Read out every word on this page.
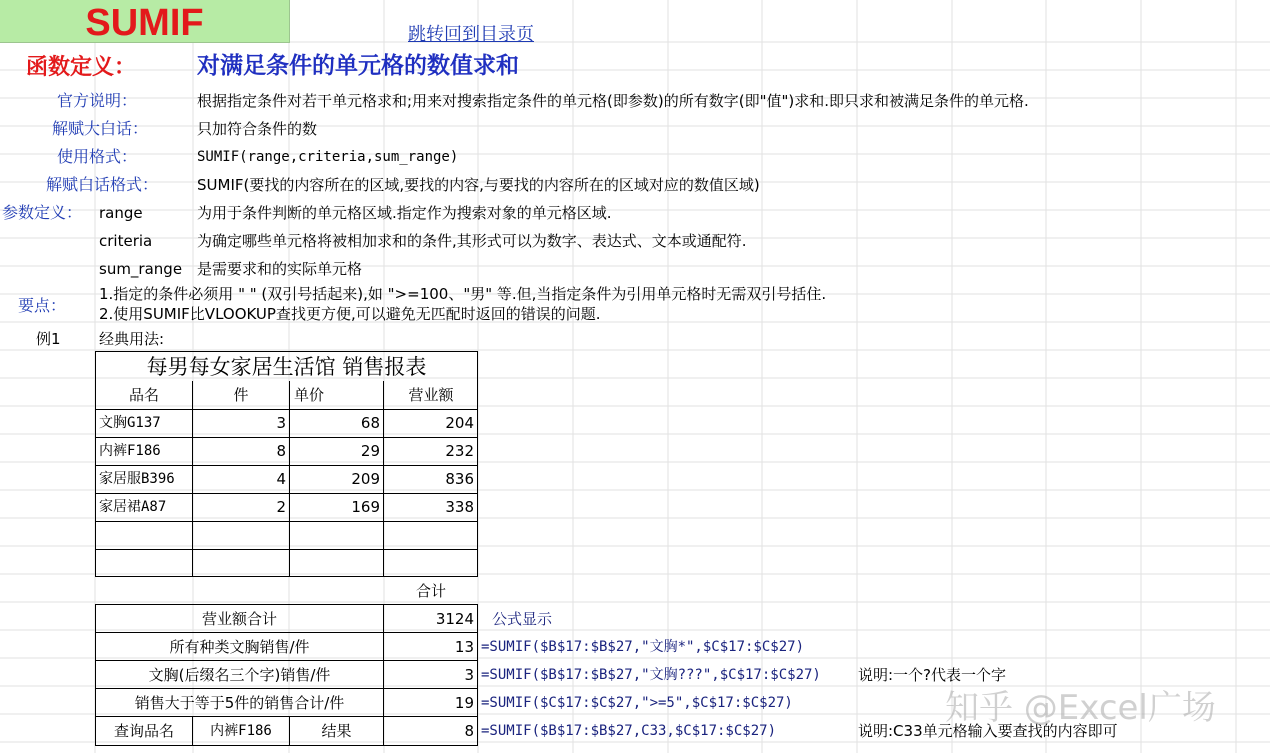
SUMIF	跳转回到目录页
函数定义：	对满足条件的单元格的数值求和
官方说明：	根据指定条件对若干单元格求和;用来对搜索指定条件的单元格(即参数)的所有数字(即"值")求和.即只求和被满足条件的单元格.
解赋大白话：	只加符合条件的数
使用格式：	SUMIF(range,criteria,sum_range)
解赋白话格式：	SUMIF(要找的内容所在的区域,要找的内容,与要找的内容所在的区域对应的数值区域)
参数定义： range	为用于条件判断的单元格区域.指定作为搜索对象的单元格区域.
criteria	为确定哪些单元格将被相加求和的条件,其形式可以为数字、表达式、文本或通配符.
sum_range 是需要求和的实际单元格
要点：
1.指定的条件必须用 " " (双引号括起来),如 ">=100、"男" 等.但,当指定条件为引用单元格时无需双引号括住.
2.使用SUMIF比VLOOKUP查找更方便,可以避免无匹配时返回的错误的问题.
例1	经典用法:
每男每女家居生活馆 销售报表
品名	件	单价	营业额
文胸G137	3	68	204
内裤F186	8	29	232
家居服B396	4	209	836
家居裙A87	2	169	338
合计
营业额合计	3124 公式显示
所有种类文胸销售/件	13 =SUMIF($B$17:$B$27,"文胸*",$C$17:$C$27)
文胸(后缀名三个字)销售/件	3 =SUMIF($B$17:$B$27,"文胸???",$C$17:$C$27) 说明:一个?代表一个字
销售大于等于5件的销售合计/件	19 =SUMIF($C$17:$C$27,">=5",$C$17:$C$27)
查询品名	内裤F186	结果	8 =SUMIF($B$17:$B$27,C33,$C$17:$C$27)	说明:C33单元格输入要查找的内容即可
知乎 @Excel广场
